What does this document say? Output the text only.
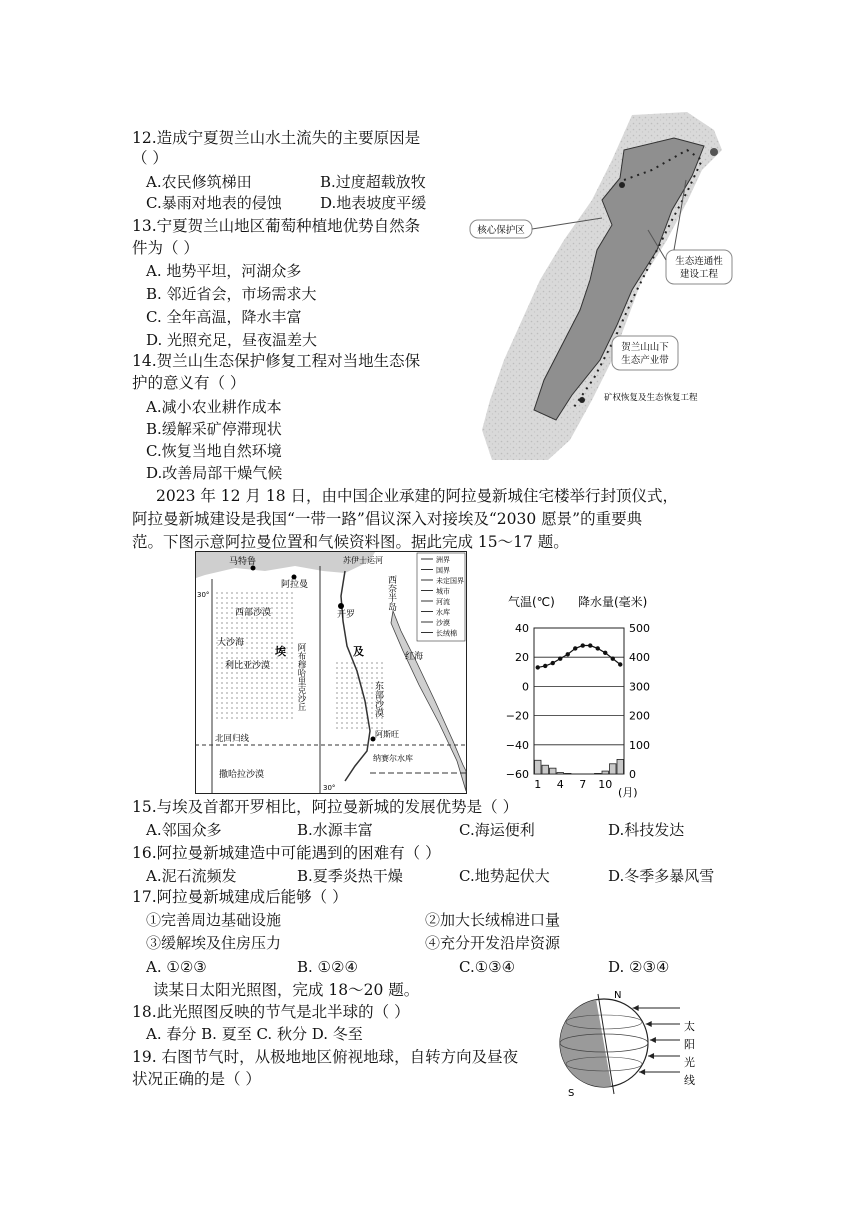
12.造成宁夏贺兰山水土流失的主要原因是
（ ）
A.农民修筑梯田	B.过度超载放牧
C.暴雨对地表的侵蚀	D.地表坡度平缓
13.宁夏贺兰山地区葡萄种植地优势自然条
件为（ ）
A. 地势平坦，河湖众多
B. 邻近省会，市场需求大
C. 全年高温，降水丰富
D. 光照充足，昼夜温差大
14.贺兰山生态保护修复工程对当地生态保
护的意义有（ ）
A.减小农业耕作成本
B.缓解采矿停滞现状
C.恢复当地自然环境
D.改善局部干燥气候
核心保护区
生态连通性
建设工程
贺兰山山下
生态产业带
矿权恢复及生态恢复工程
2023 年 12 月 18 日，由中国企业承建的阿拉曼新城住宅楼举行封顶仪式，
阿拉曼新城建设是我国“一带一路”倡议深入对接埃及“2030 愿景”的重要典
范。下图示意阿拉曼位置和气候资料图。据此完成 15～17 题。
马特鲁
阿拉曼
苏伊士运河
开罗
西部沙漠
大沙海
埃	及
利比亚沙漠	阿布穆哈里克沙丘
西奈半岛
红海
东部沙漠
北回归线	阿斯旺
纳赛尔水库
撒哈拉沙漠
30°
30°
洲界
国界
未定国界
城市
河流
水库
沙漠
长绒棉
气温(℃) 降水量(毫米)
40
20
0
−20
−40
−60
500
400
300
200
100
0
1 4 7 10
(月)
15.与埃及首都开罗相比，阿拉曼新城的发展优势是（ ）
A.邻国众多	B.水源丰富	C.海运便利	D.科技发达
16.阿拉曼新城建造中可能遇到的困难有（ ）
A.泥石流频发	B.夏季炎热干燥	C.地势起伏大	D.冬季多暴风雪
17.阿拉曼新城建成后能够（ ）
①完善周边基础设施	②加大长绒棉进口量
③缓解埃及住房压力	④充分开发沿岸资源
A. ①②③	B. ①②④	C.①③④	D. ②③④
读某日太阳光照图，完成 18～20 题。
18.此光照图反映的节气是北半球的（ ）
A. 春分 B. 夏至 C. 秋分 D. 冬至
19. 右图节气时，从极地地区俯视地球，自转方向及昼夜
状况正确的是（ ）
N
S
太
阳
光
线
